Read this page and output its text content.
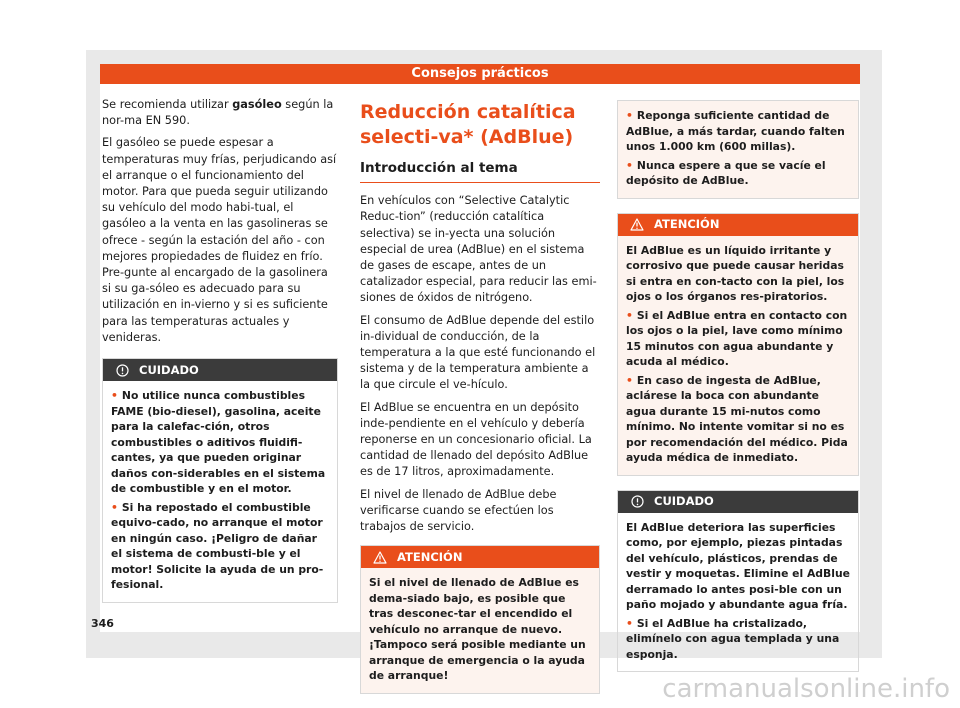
Consejos prácticos

Se recomienda utilizar gasóleo según la nor-ma EN 590.

El gasóleo se puede espesar a temperaturas muy frías, perjudicando así el arranque o el funcionamiento del motor. Para que pueda seguir utilizando su vehículo del modo habi-tual, el gasóleo a la venta en las gasolineras se ofrece - según la estación del año - con mejores propiedades de fluidez en frío. Pre-gunte al encargado de la gasolinera si su ga-sóleo es adecuado para su utilización en in-vierno y si es suficiente para las temperaturas actuales y venideras.

CUIDADO

• No utilice nunca combustibles FAME (bio-diesel), gasolina, aceite para la calefac-ción, otros combustibles o aditivos fluidifi-cantes, ya que pueden originar daños con-siderables en el sistema de combustible y en el motor.

• Si ha repostado el combustible equivo-cado, no arranque el motor en ningún caso. ¡Peligro de dañar el sistema de combusti-ble y el motor! Solicite la ayuda de un pro-fesional.

Reducción catalítica selecti-va* (AdBlue)
Introducción al tema

En vehículos con “Selective Catalytic Reduc-tion” (reducción catalítica selectiva) se in-yecta una solución especial de urea (AdBlue) en el sistema de gases de escape, antes de un catalizador especial, para reducir las emi-siones de óxidos de nitrógeno.

El consumo de AdBlue depende del estilo in-dividual de conducción, de la temperatura a la que esté funcionando el sistema y de la temperatura ambiente a la que circule el ve-hículo.

El AdBlue se encuentra en un depósito inde-pendiente en el vehículo y debería reponerse en un concesionario oficial. La cantidad de llenado del depósito AdBlue es de 17 litros, aproximadamente.

El nivel de llenado de AdBlue debe verificarse cuando se efectúen los trabajos de servicio.

ATENCIÓN

Si el nivel de llenado de AdBlue es dema-siado bajo, es posible que tras desconec-tar el encendido el vehículo no arranque de nuevo. ¡Tampoco será posible mediante un arranque de emergencia o la ayuda de arranque!

• Reponga suficiente cantidad de AdBlue, a más tardar, cuando falten unos 1.000 km (600 millas).

• Nunca espere a que se vacíe el depósito de AdBlue.

ATENCIÓN

El AdBlue es un líquido irritante y corrosivo que puede causar heridas si entra en con-tacto con la piel, los ojos o los órganos res-piratorios.

• Si el AdBlue entra en contacto con los ojos o la piel, lave como mínimo 15 minutos con agua abundante y acuda al médico.

• En caso de ingesta de AdBlue, aclárese la boca con abundante agua durante 15 mi-nutos como mínimo. No intente vomitar si no es por recomendación del médico. Pida ayuda médica de inmediato.

CUIDADO

El AdBlue deteriora las superficies como, por ejemplo, piezas pintadas del vehículo, plásticos, prendas de vestir y moquetas. Elimine el AdBlue derramado lo antes posi-ble con un paño mojado y abundante agua fría.

• Si el AdBlue ha cristalizado, elimínelo con agua templada y una esponja.

346
carmanualsonline.info
